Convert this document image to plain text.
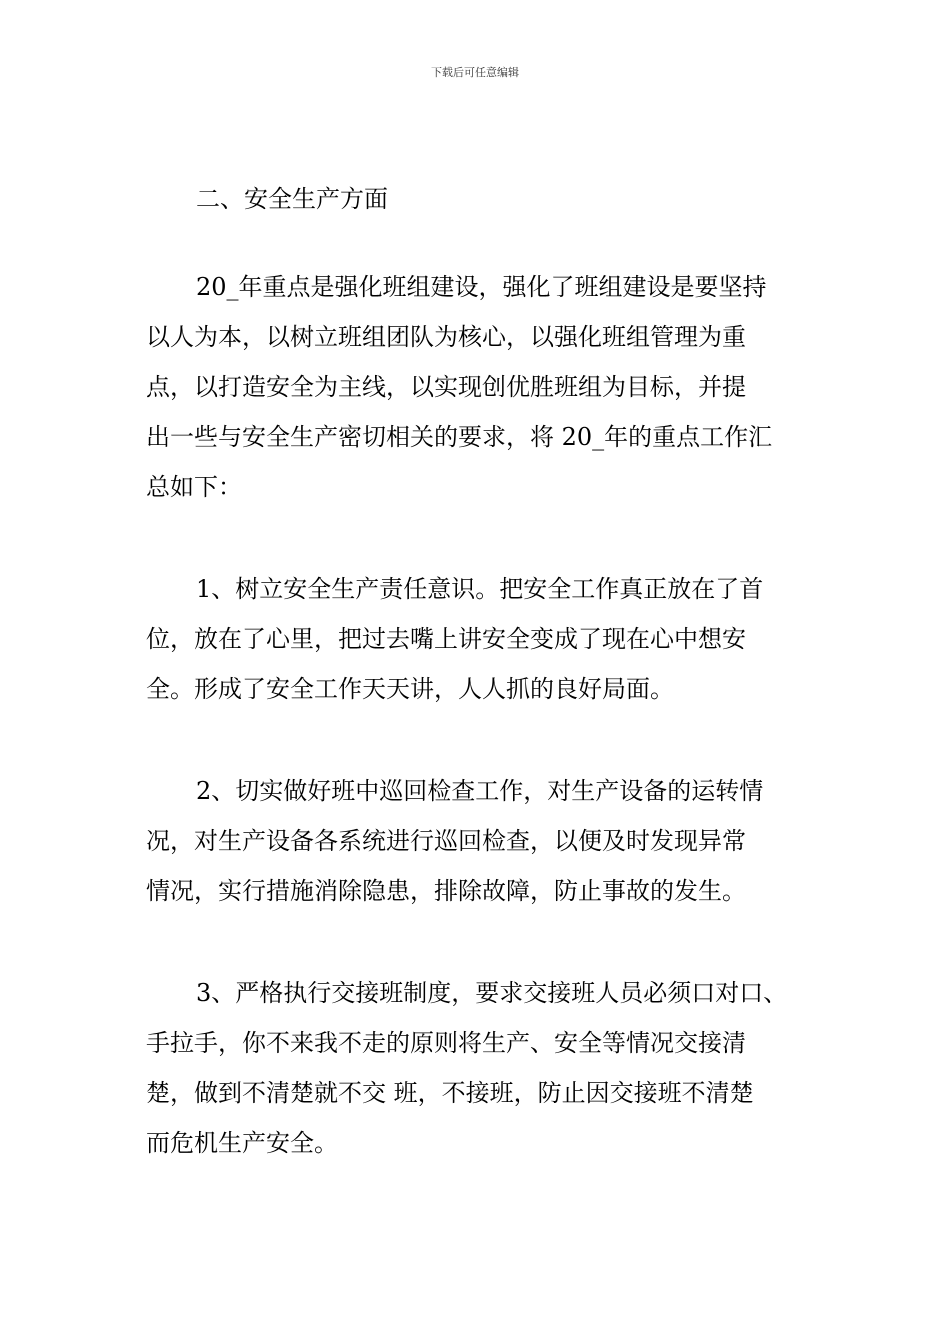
下载后可任意编辑
二、安全生产方面

20_年重点是强化班组建设，强化了班组建设是要坚持
以人为本，以树立班组团队为核心，以强化班组管理为重
点，以打造安全为主线，以实现创优胜班组为目标，并提
出一些与安全生产密切相关的要求，将 20_年的重点工作汇
总如下：

1、树立安全生产责任意识。把安全工作真正放在了首
位，放在了心里，把过去嘴上讲安全变成了现在心中想安
全。形成了安全工作天天讲，人人抓的良好局面。

2、切实做好班中巡回检查工作，对生产设备的运转情
况，对生产设备各系统进行巡回检查，以便及时发现异常
情况，实行措施消除隐患，排除故障，防止事故的发生。

3、严格执行交接班制度，要求交接班人员必须口对口、
手拉手，你不来我不走的原则将生产、安全等情况交接清
楚，做到不清楚就不交 班，不接班，防止因交接班不清楚
而危机生产安全。
